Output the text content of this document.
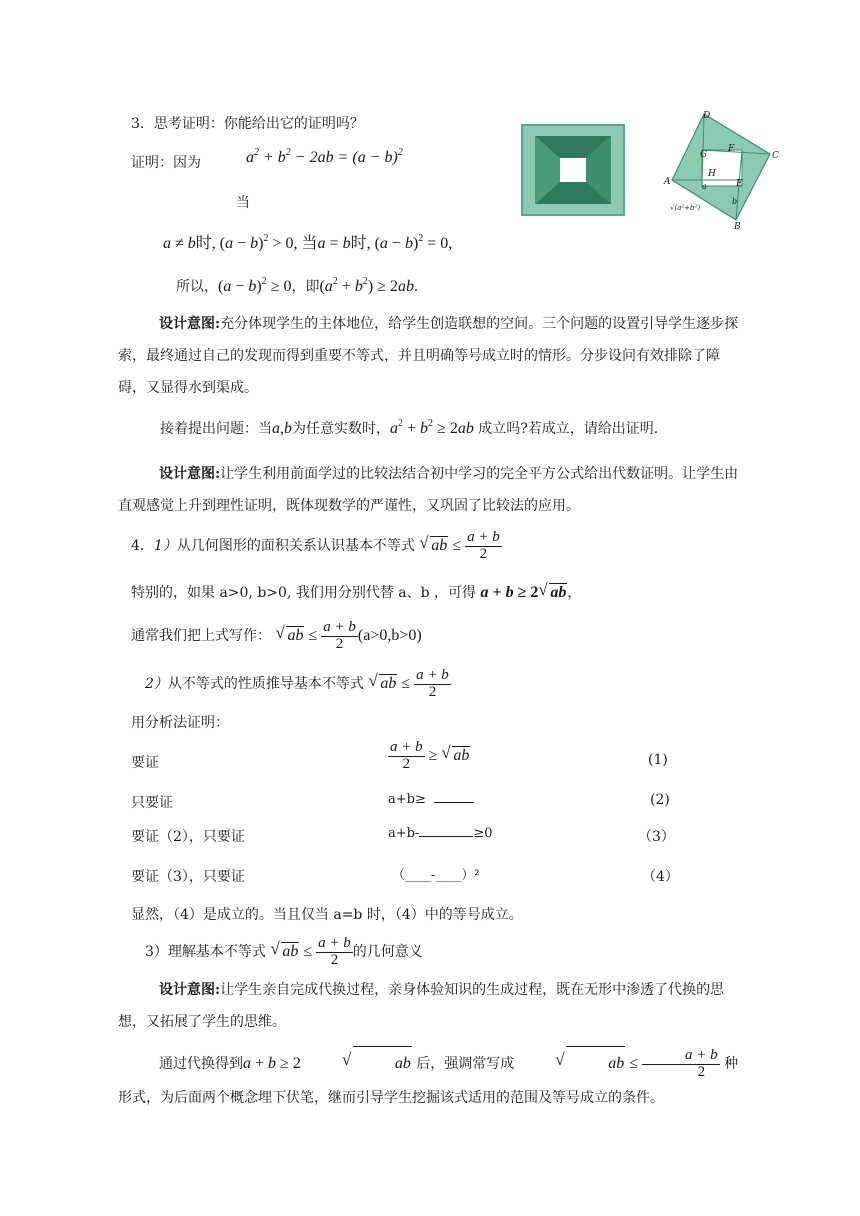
3．思考证明：你能给出它的证明吗？
证明：因为	$a^2 + b^2 - 2ab = (a - b)^2$
当
a ≠ b时, $(a - b)^2 > 0$, 当a = b时, $(a - b)^2 = 0$,
所以，$(a - b)^2 \ge 0$，即$(a^2 + b^2) \ge 2ab$.
D
C
A
B
G
F
H
E
a
b
√(a²+b²)
设计意图:充分体现学生的主体地位，给学生创造联想的空间。三个问题的设置引导学生逐步探索，最终通过自己的发现而得到重要不等式，并且明确等号成立时的情形。分步设问有效排除了障碍，又显得水到渠成。
接着提出问题：当a,b为任意实数时，$a^2 + b^2 \ge 2ab$ 成立吗?若成立，请给出证明.
设计意图:让学生利用前面学过的比较法结合初中学习的完全平方公式给出代数证明。让学生由直观感觉上升到理性证明，既体现数学的严谨性，又巩固了比较法的应用。
4．1）从几何图形的面积关系认识基本不等式 √ ab ≤ $\frac{a + b}{2}$
特别的，如果 a>0, b>0, 我们用分别代替 a、b ，可得 a + b ≥ 2 √ ab，
通常我们把上式写作： √ ab ≤ $\frac{a + b}{2} (a>0,b>0)$
2）从不等式的性质推导基本不等式 √ ab ≤ $\frac{a + b}{2}$
用分析法证明：
要证	$\frac{a + b}{2}$ ≥ √ ab	(1)
只要证	a+b≥	(2)
要证（2），只要证	a+b-	≥0	（3）
要证（3），只要证	（____-____）²	（4）
显然，（4）是成立的。当且仅当 a=b 时，（4）中的等号成立。
3）理解基本不等式 √ ab ≤ $\frac{a + b}{2}$ 的几何意义
设计意图:让学生亲自完成代换过程，亲身体验知识的生成过程，既在无形中渗透了代换的思想，又拓展了学生的思维。
通过代换得到a + b ≥ 2	√	ab 后，强调常写成	√	ab ≤ $\frac{a + b}{2}$ 种形式，为后面两个概念埋下伏笔，继而引导学生挖掘该式适用的范围及等号成立的条件。
